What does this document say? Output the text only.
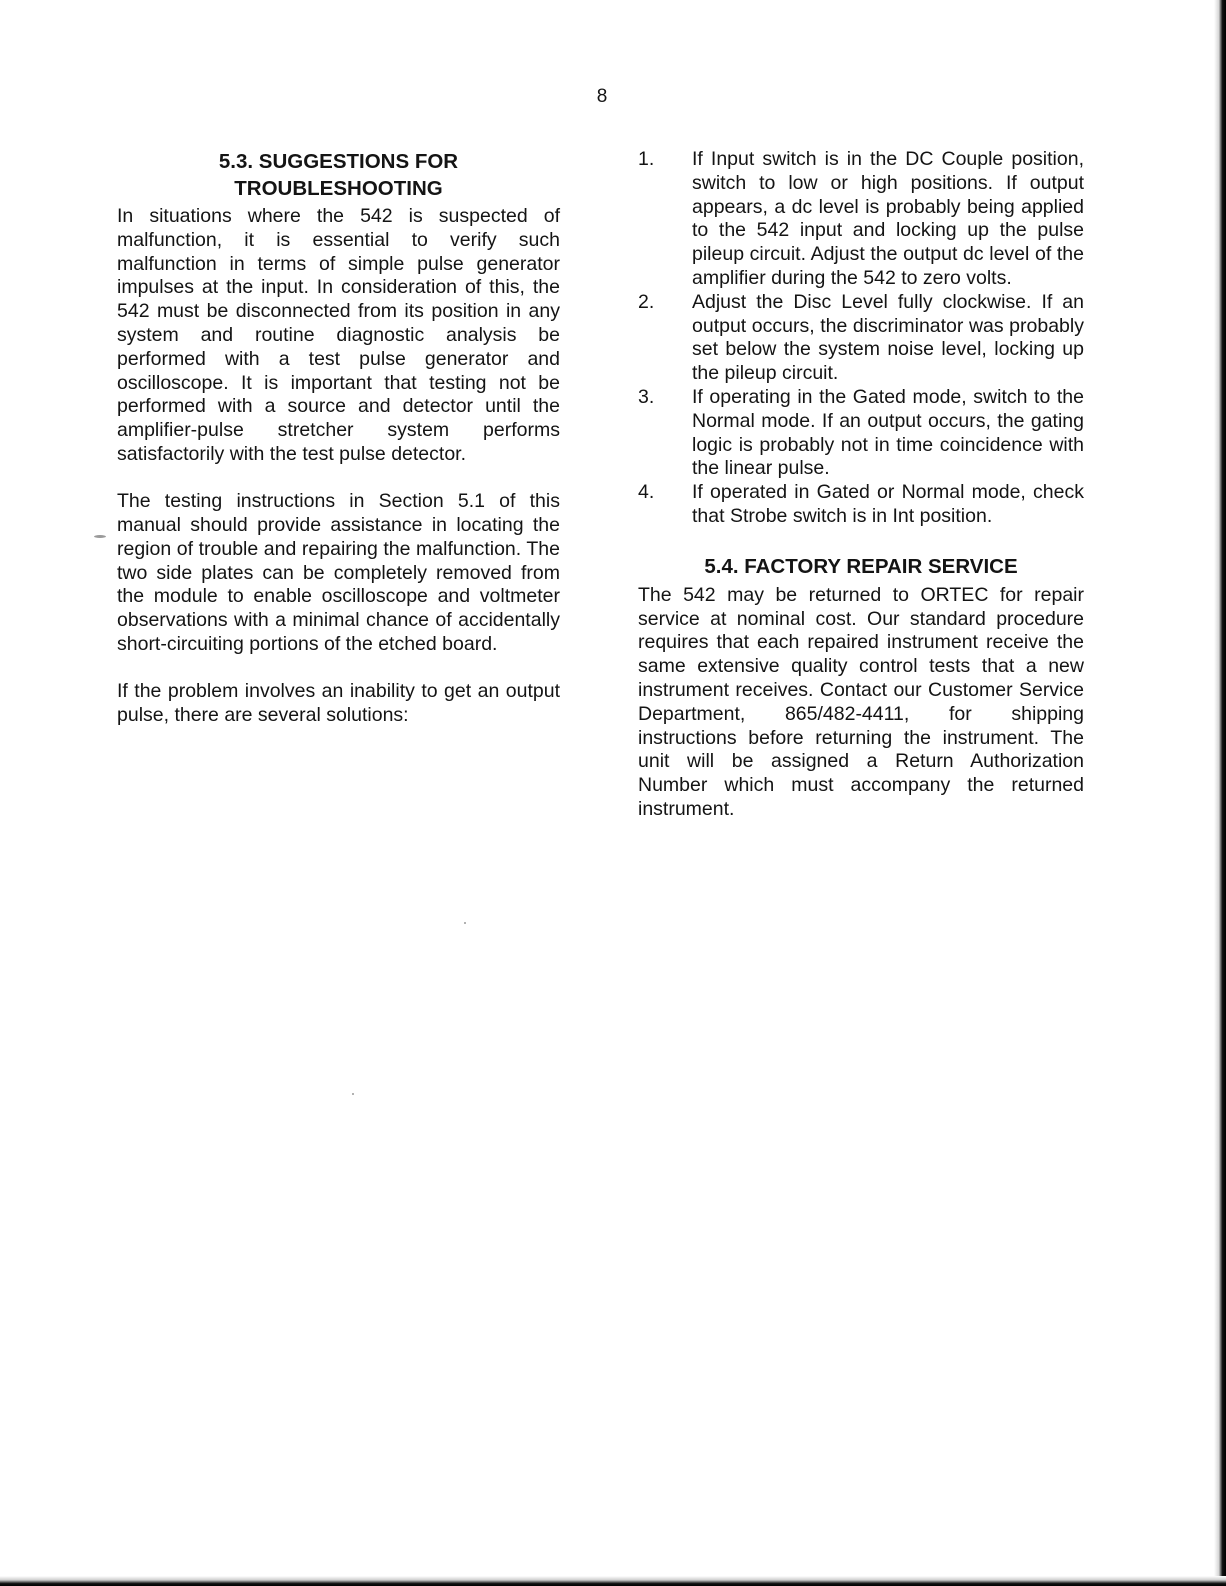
8
5.3. SUGGESTIONS FOR
TROUBLESHOOTING

In situations where the 542 is suspected of malfunction, it is essential to verify such malfunction in terms of simple pulse generator impulses at the input. In consideration of this, the 542 must be disconnected from its position in any system and routine diagnostic analysis be performed with a test pulse generator and oscilloscope. It is important that testing not be performed with a source and detector until the amplifier-pulse stretcher system performs satisfactorily with the test pulse detector.

The testing instructions in Section 5.1 of this manual should provide assistance in locating the region of trouble and repairing the malfunction. The two side plates can be completely removed from the module to enable oscilloscope and voltmeter observations with a minimal chance of accidentally short-circuiting portions of the etched board.

If the problem involves an inability to get an output pulse, there are several solutions:

1.	If Input switch is in the DC Couple position, switch to low or high positions. If output appears, a dc level is probably being applied to the 542 input and locking up the pulse pileup circuit. Adjust the output dc level of the amplifier during the 542 to zero volts.
2.	Adjust the Disc Level fully clockwise. If an output occurs, the discriminator was probably set below the system noise level, locking up the pileup circuit.
3.	If operating in the Gated mode, switch to the Normal mode. If an output occurs, the gating logic is probably not in time coincidence with the linear pulse.
4.	If operated in Gated or Normal mode, check that Strobe switch is in Int position.
5.4. FACTORY REPAIR SERVICE

The 542 may be returned to ORTEC for repair service at nominal cost. Our standard procedure requires that each repaired instrument receive the same extensive quality control tests that a new instrument receives. Contact our Customer Service Department, 865/482-4411, for shipping instructions before returning the instrument. The unit will be assigned a Return Authorization Number which must accompany the returned instrument.
